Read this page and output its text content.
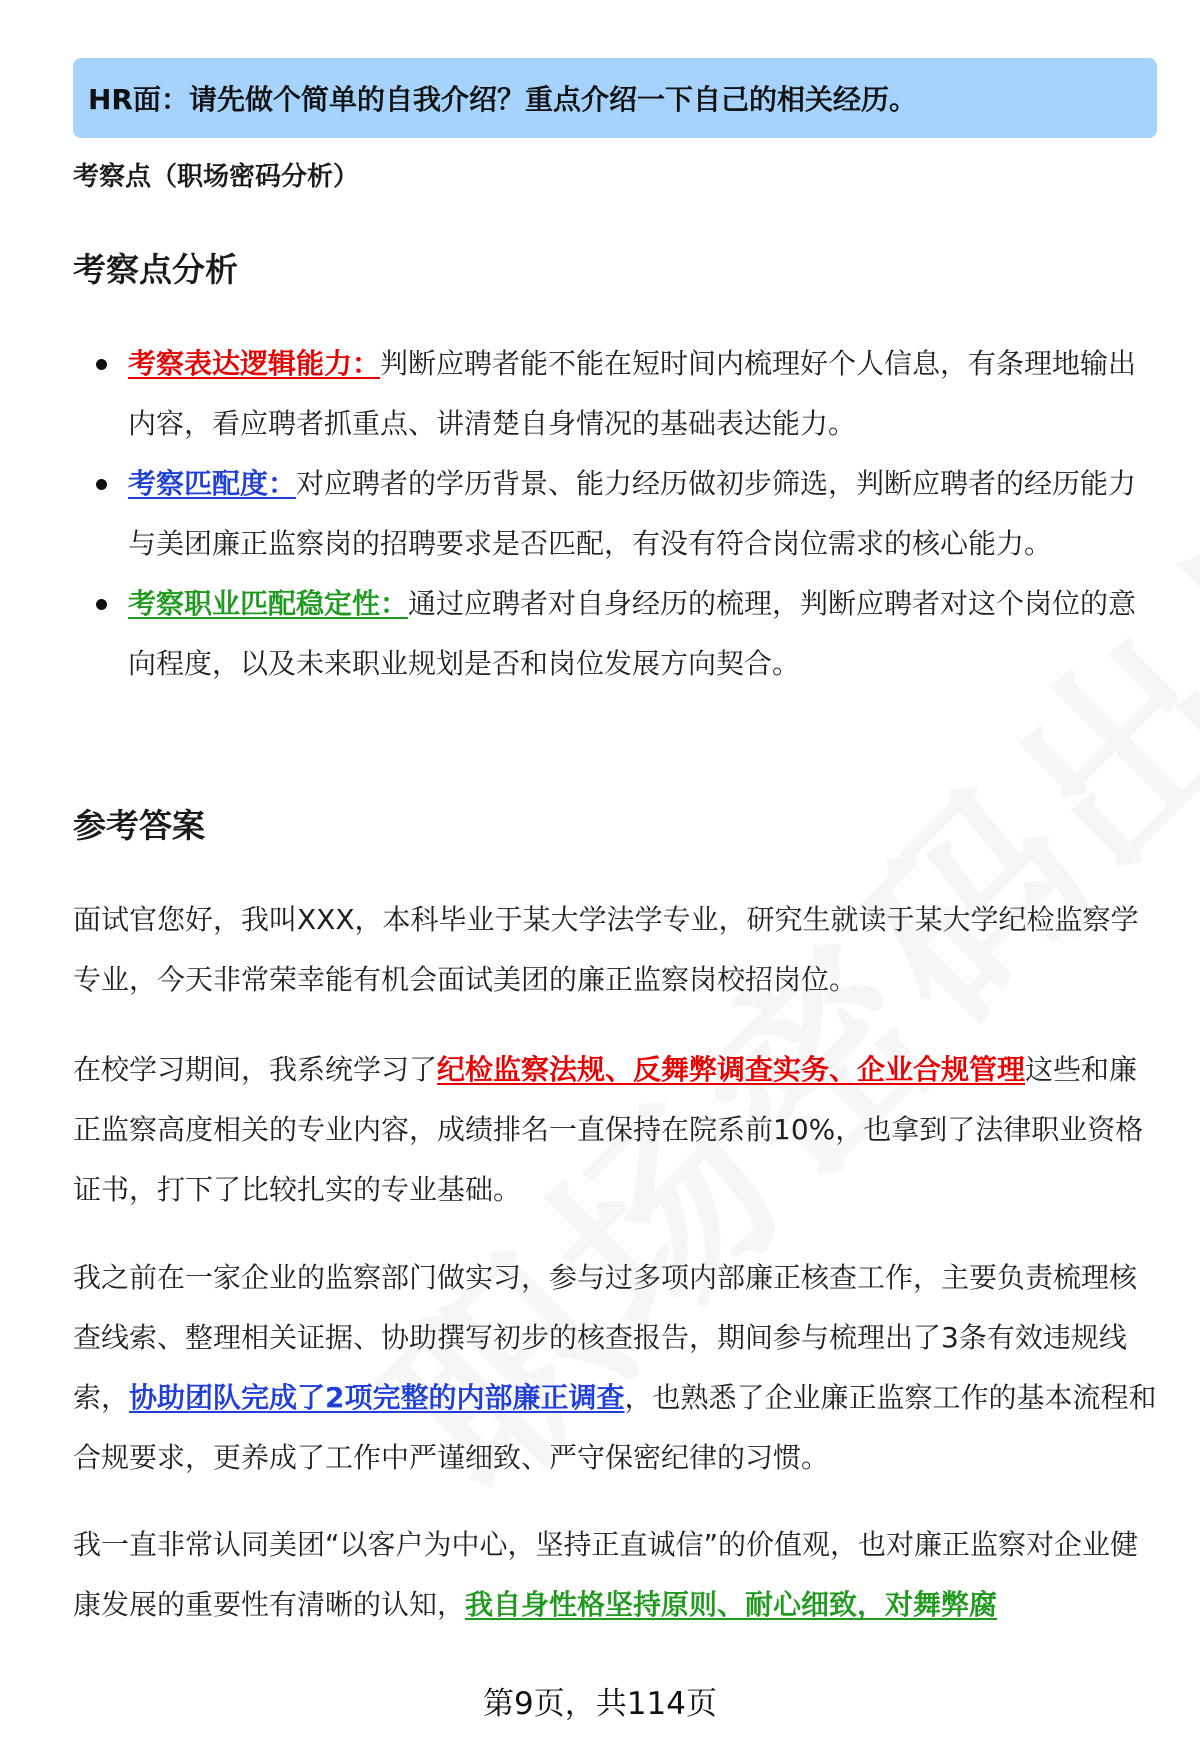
HR面：请先做个简单的自我介绍？重点介绍一下自己的相关经历。
考察点（职场密码分析）
考察点分析
考察表达逻辑能力：判断应聘者能不能在短时间内梳理好个人信息，有条理地输出内容，看应聘者抓重点、讲清楚自身情况的基础表达能力。
考察匹配度：对应聘者的学历背景、能力经历做初步筛选，判断应聘者的经历能力与美团廉正监察岗的招聘要求是否匹配，有没有符合岗位需求的核心能力。
考察职业匹配稳定性：通过应聘者对自身经历的梳理，判断应聘者对这个岗位的意向程度，以及未来职业规划是否和岗位发展方向契合。
参考答案

面试官您好，我叫XXX，本科毕业于某大学法学专业，研究生就读于某大学纪检监察学专业，今天非常荣幸能有机会面试美团的廉正监察岗校招岗位。

在校学习期间，我系统学习了纪检监察法规、反舞弊调查实务、企业合规管理这些和廉正监察高度相关的专业内容，成绩排名一直保持在院系前10%，也拿到了法律职业资格证书，打下了比较扎实的专业基础。

我之前在一家企业的监察部门做实习，参与过多项内部廉正核查工作，主要负责梳理核查线索、整理相关证据、协助撰写初步的核查报告，期间参与梳理出了3条有效违规线索，协助团队完成了2项完整的内部廉正调查，也熟悉了企业廉正监察工作的基本流程和合规要求，更养成了工作中严谨细致、严守保密纪律的习惯。

我一直非常认同美团“以客户为中心，坚持正直诚信”的价值观，也对廉正监察对企业健康发展的重要性有清晰的认知，我自身性格坚持原则、耐心细致，对舞弊腐

第9页，共114页
